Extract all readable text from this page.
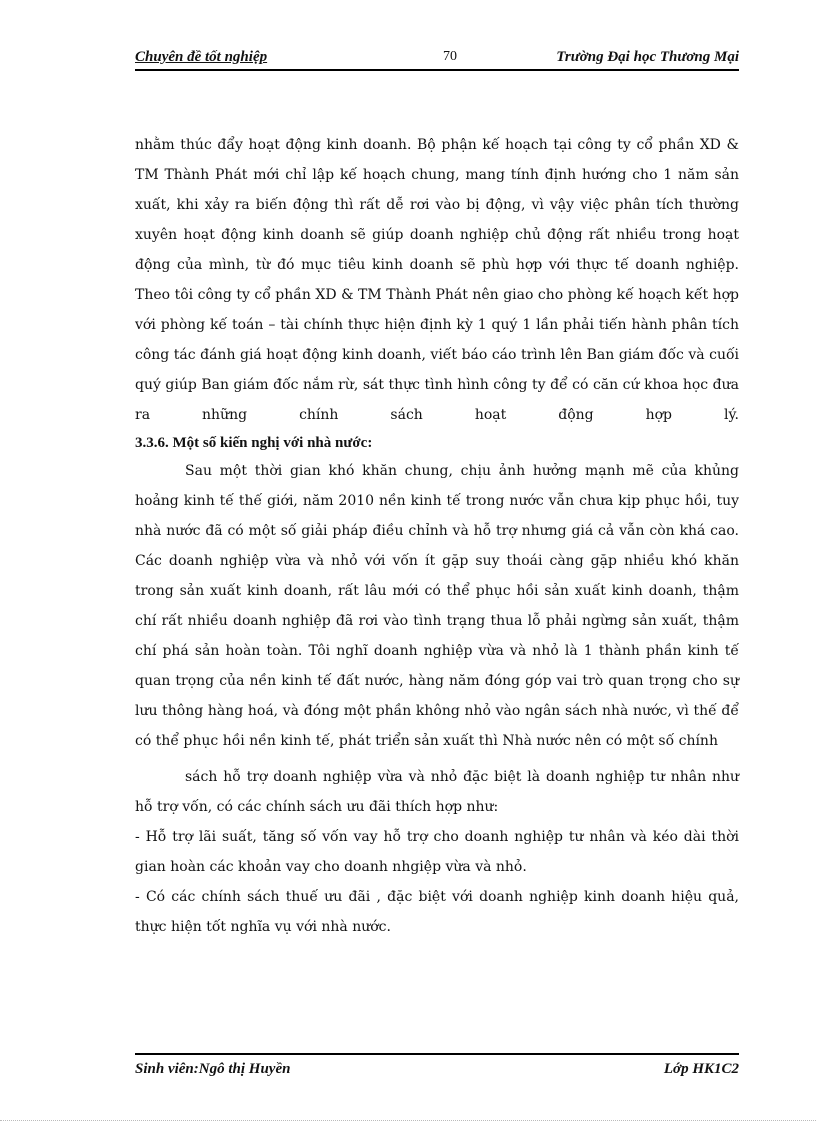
Chuyên đề tốt nghiệp	70	Trường Đại học Thương Mại

nhằm thúc đẩy hoạt động kinh doanh. Bộ phận kế hoạch tại công ty cổ phần XD & TM Thành Phát mới chỉ lập kế hoạch chung, mang tính định hướng cho 1 năm sản xuất, khi xảy ra biến động thì rất dễ rơi vào bị động, vì vậy việc phân tích thường xuyên hoạt động kinh doanh sẽ giúp doanh nghiệp chủ động rất nhiều trong hoạt động của mình, từ đó mục tiêu kinh doanh sẽ phù hợp với thực tế doanh nghiệp. Theo tôi công ty cổ phần XD & TM Thành Phát nên giao cho phòng kế hoạch kết hợp với phòng kế toán – tài chính thực hiện định kỳ 1 quý 1 lần phải tiến hành phân tích công tác đánh giá hoạt động kinh doanh, viết báo cáo trình lên Ban giám đốc và cuối quý giúp Ban giám đốc nắm rừ, sát thực tình hình công ty để có căn cứ khoa học đưa ra những chính sách hoạt động hợp lý.

3.3.6. Một số kiến nghị với nhà nước:

Sau một thời gian khó khăn chung, chịu ảnh hưởng mạnh mẽ của khủng hoảng kinh tế thế giới, năm 2010 nền kinh tế trong nước vẫn chưa kịp phục hồi, tuy nhà nước đã có một số giải pháp điều chỉnh và hỗ trợ nhưng giá cả vẫn còn khá cao. Các doanh nghiệp vừa và nhỏ với vốn ít gặp suy thoái càng gặp nhiều khó khăn trong sản xuất kinh doanh, rất lâu mới có thể phục hồi sản xuất kinh doanh, thậm chí rất nhiều doanh nghiệp đã rơi vào tình trạng thua lỗ phải ngừng sản xuất, thậm chí phá sản hoàn toàn. Tôi nghĩ doanh nghiệp vừa và nhỏ là 1 thành phần kinh tế quan trọng của nền kinh tế đất nước, hàng năm đóng góp vai trò quan trọng cho sự lưu thông hàng hoá, và đóng một phần không nhỏ vào ngân sách nhà nước, vì thế để có thể phục hồi nền kinh tế, phát triển sản xuất thì Nhà nước nên có một số chính

sách hỗ trợ doanh nghiệp vừa và nhỏ đặc biệt là doanh nghiệp tư nhân như hỗ trợ vốn, có các chính sách ưu đãi thích hợp như:

- Hỗ trợ lãi suất, tăng số vốn vay hỗ trợ cho doanh nghiệp tư nhân và kéo dài thời gian hoàn các khoản vay cho doanh nhgiệp vừa và nhỏ.

- Có các chính sách thuế ưu đãi , đặc biệt với doanh nghiệp kinh doanh hiệu quả, thực hiện tốt nghĩa vụ với nhà nước.

Sinh viên:Ngô thị Huyền	Lớp HK1C2
